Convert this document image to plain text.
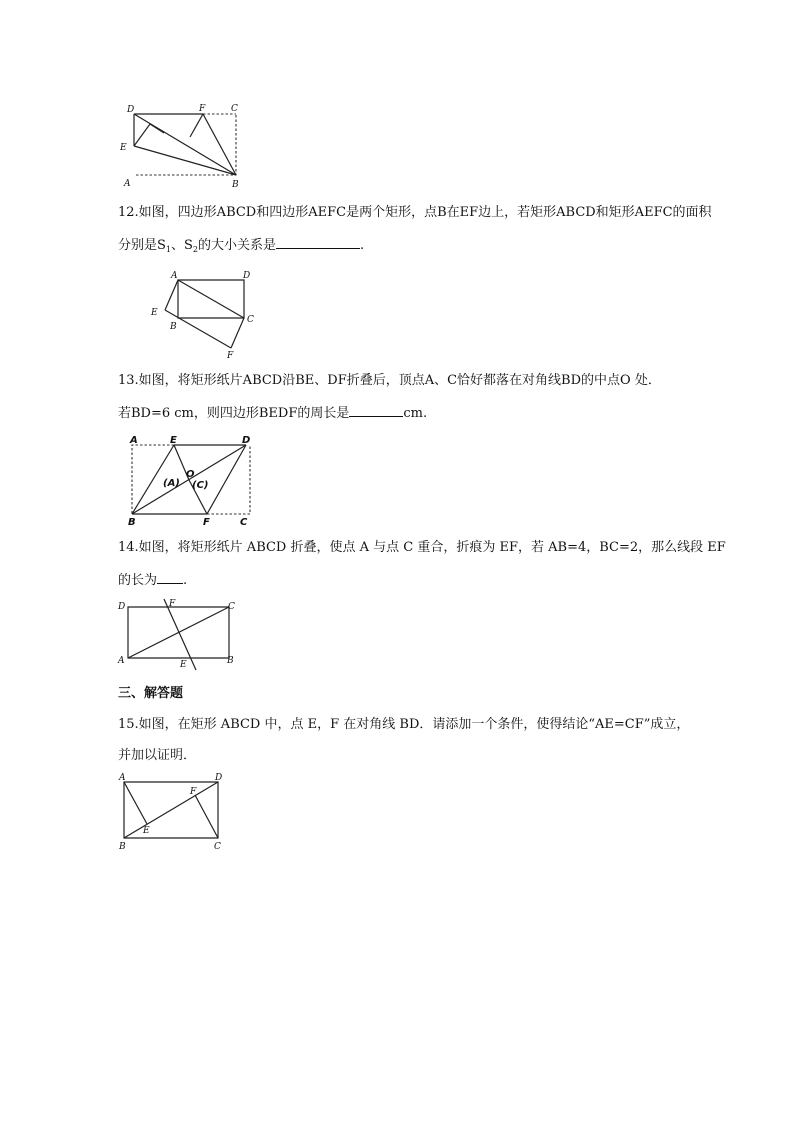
D	F	C
E
A	B
12.如图，四边形ABCD和四边形AEFC是两个矩形，点B在EF边上，若矩形ABCD和矩形AEFC的面积
分别是$S_1$、$S_2$的大小关系是	.
A	D
E
B
C
F
13.如图，将矩形纸片ABCD沿BE、DF折叠后，顶点A、C恰好都落在对角线BD的中点O 处．
若BD=6 cm，则四边形BEDF的周长是	cm.
A	E	D
O
(A) (C)
B	F	C
14.如图，将矩形纸片 ABCD 折叠，使点 A 与点 C 重合，折痕为 EF，若 AB=4，BC=2，那么线段 EF
的长为 .
D	F	C
A	E	B
三、解答题
15.如图，在矩形 ABCD 中，点 E，F 在对角线 BD．请添加一个条件，使得结论“AE=CF”成立，
并加以证明．
A	D
F
E
B	C
